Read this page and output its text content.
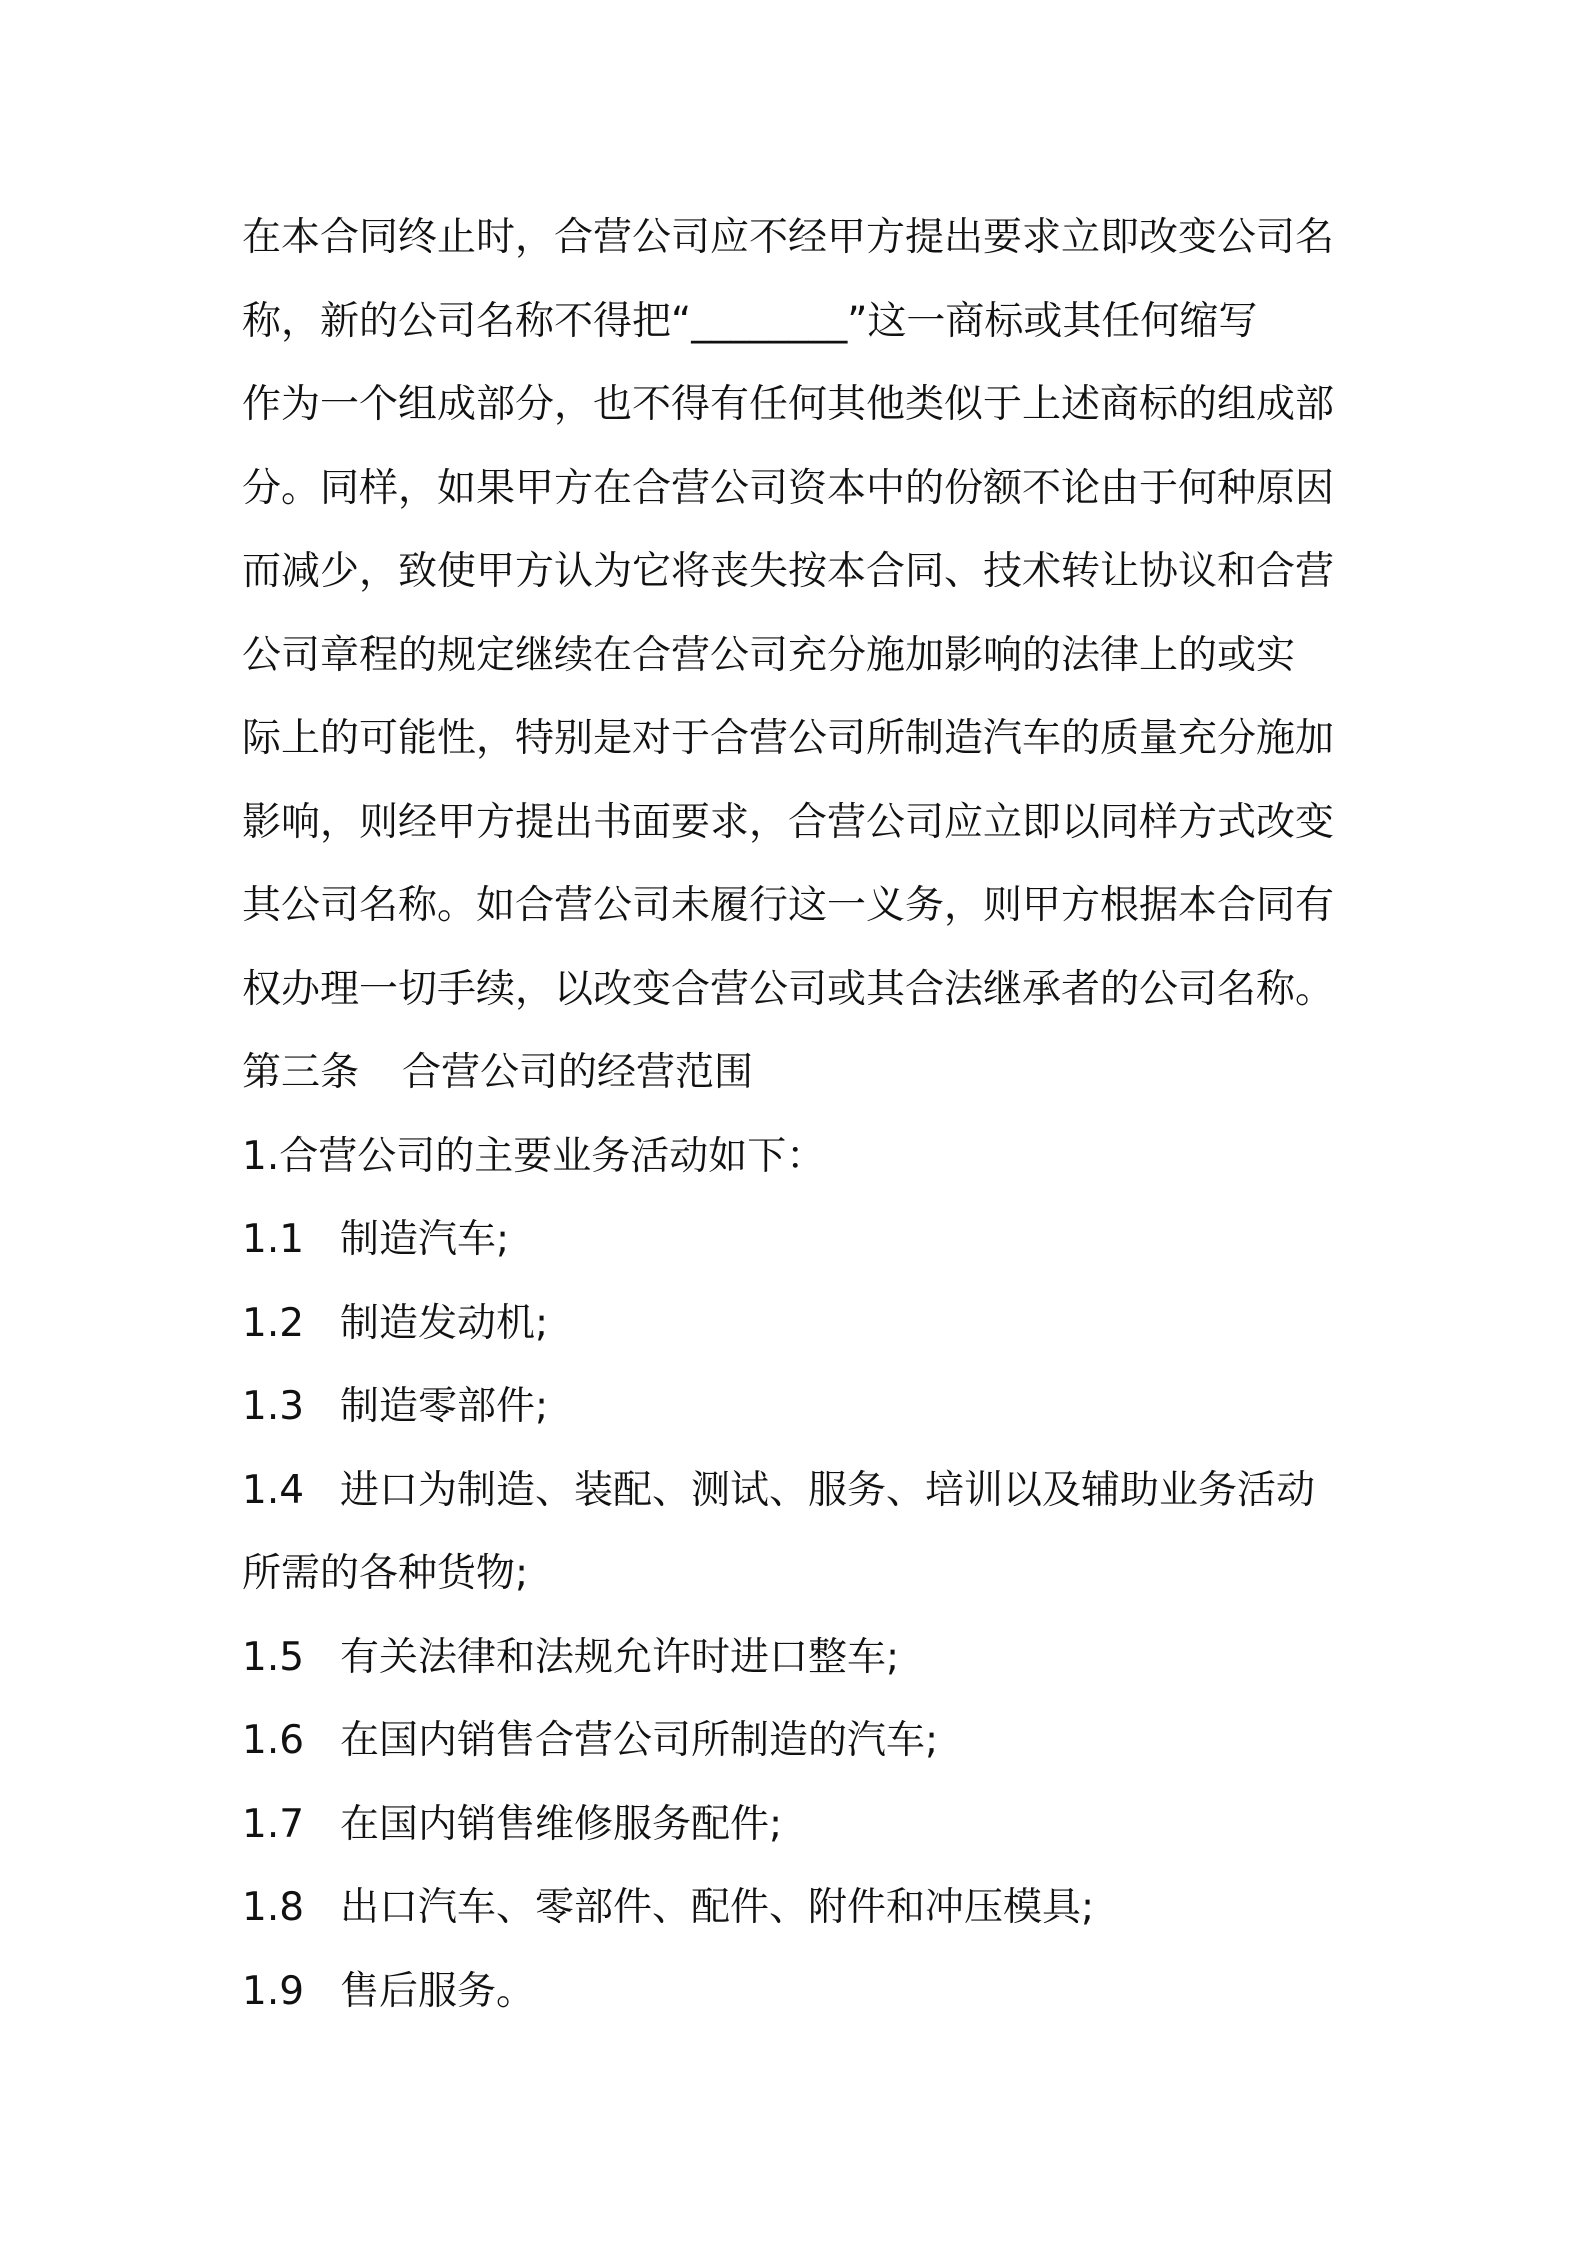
在本合同终止时，合营公司应不经甲方提出要求立即改变公司名
称，新的公司名称不得把“________”这一商标或其任何缩写
作为一个组成部分，也不得有任何其他类似于上述商标的组成部
分。同样，如果甲方在合营公司资本中的份额不论由于何种原因
而减少，致使甲方认为它将丧失按本合同、技术转让协议和合营
公司章程的规定继续在合营公司充分施加影响的法律上的或实
际上的可能性，特别是对于合营公司所制造汽车的质量充分施加
影响，则经甲方提出书面要求，合营公司应立即以同样方式改变
其公司名称。如合营公司未履行这一义务，则甲方根据本合同有
权办理一切手续，以改变合营公司或其合法继承者的公司名称。
第三条 合营公司的经营范围
1.合营公司的主要业务活动如下：
1.1 制造汽车;
1.2 制造发动机;
1.3 制造零部件;
1.4 进口为制造、装配、测试、服务、培训以及辅助业务活动
所需的各种货物;
1.5 有关法律和法规允许时进口整车;
1.6 在国内销售合营公司所制造的汽车;
1.7 在国内销售维修服务配件;
1.8 出口汽车、零部件、配件、附件和冲压模具;
1.9 售后服务。
